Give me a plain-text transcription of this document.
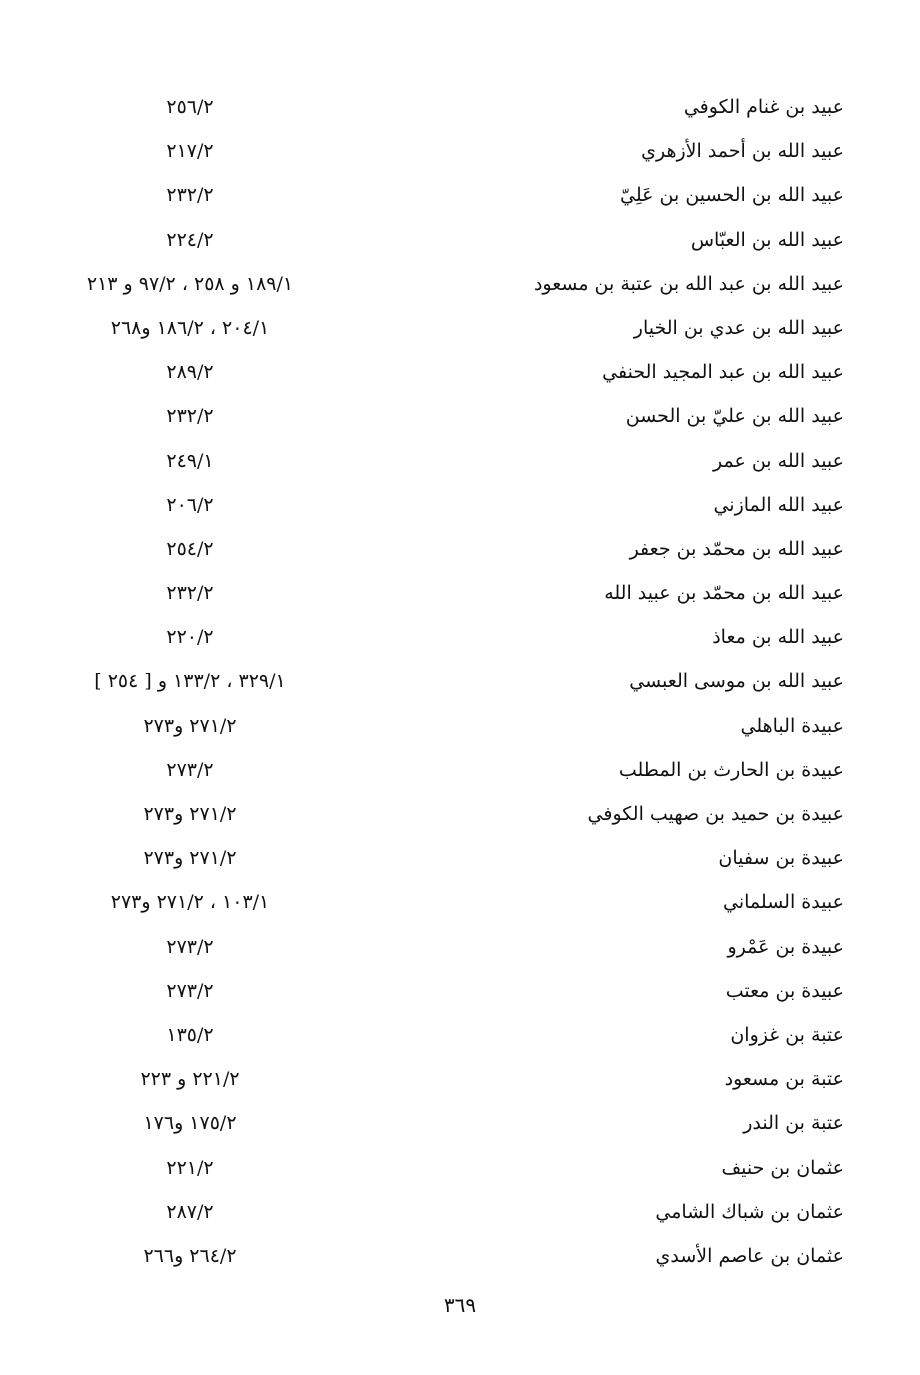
عبيد بن غنام الكوفي
٢٥٦/٢
عبيد الله بن أحمد الأزهري
٢١٧/٢
عبيد الله بن الحسين بن عَلِيّ
٢٣٢/٢
عبيد الله بن العبّاس
٢٢٤/٢
عبيد الله بن عبد الله بن عتبة بن مسعود
١٨٩/١ و ٢٥٨ ، ٩٧/٢ و ٢١٣
عبيد الله بن عدي بن الخيار
٢٠٤/١ ، ١٨٦/٢ و٢٦٨
عبيد الله بن عبد المجيد الحنفي
٢٨٩/٢
عبيد الله بن عليّ بن الحسن
٢٣٢/٢
عبيد الله بن عمر
٢٤٩/١
عبيد الله المازني
٢٠٦/٢
عبيد الله بن محمّد بن جعفر
٢٥٤/٢
عبيد الله بن محمّد بن عبيد الله
٢٣٢/٢
عبيد الله بن معاذ
٢٢٠/٢
عبيد الله بن موسى العبسي
٣٢٩/١ ، ١٣٣/٢ و [ ٢٥٤ ]
عبيدة الباهلي
٢٧١/٢ و٢٧٣
عبيدة بن الحارث بن المطلب
٢٧٣/٢
عبيدة بن حميد بن صهيب الكوفي
٢٧١/٢ و٢٧٣
عبيدة بن سفيان
٢٧١/٢ و٢٧٣
عبيدة السلماني
١٠٣/١ ، ٢٧١/٢ و٢٧٣
عبيدة بن عَمْرو
٢٧٣/٢
عبيدة بن معتب
٢٧٣/٢
عتبة بن غزوان
١٣٥/٢
عتبة بن مسعود
٢٢١/٢ و ٢٢٣
عتبة بن الندر
١٧٥/٢ و١٧٦
عثمان بن حنيف
٢٢١/٢
عثمان بن شباك الشامي
٢٨٧/٢
عثمان بن عاصم الأسدي
٢٦٤/٢ و٢٦٦
٣٦٩
